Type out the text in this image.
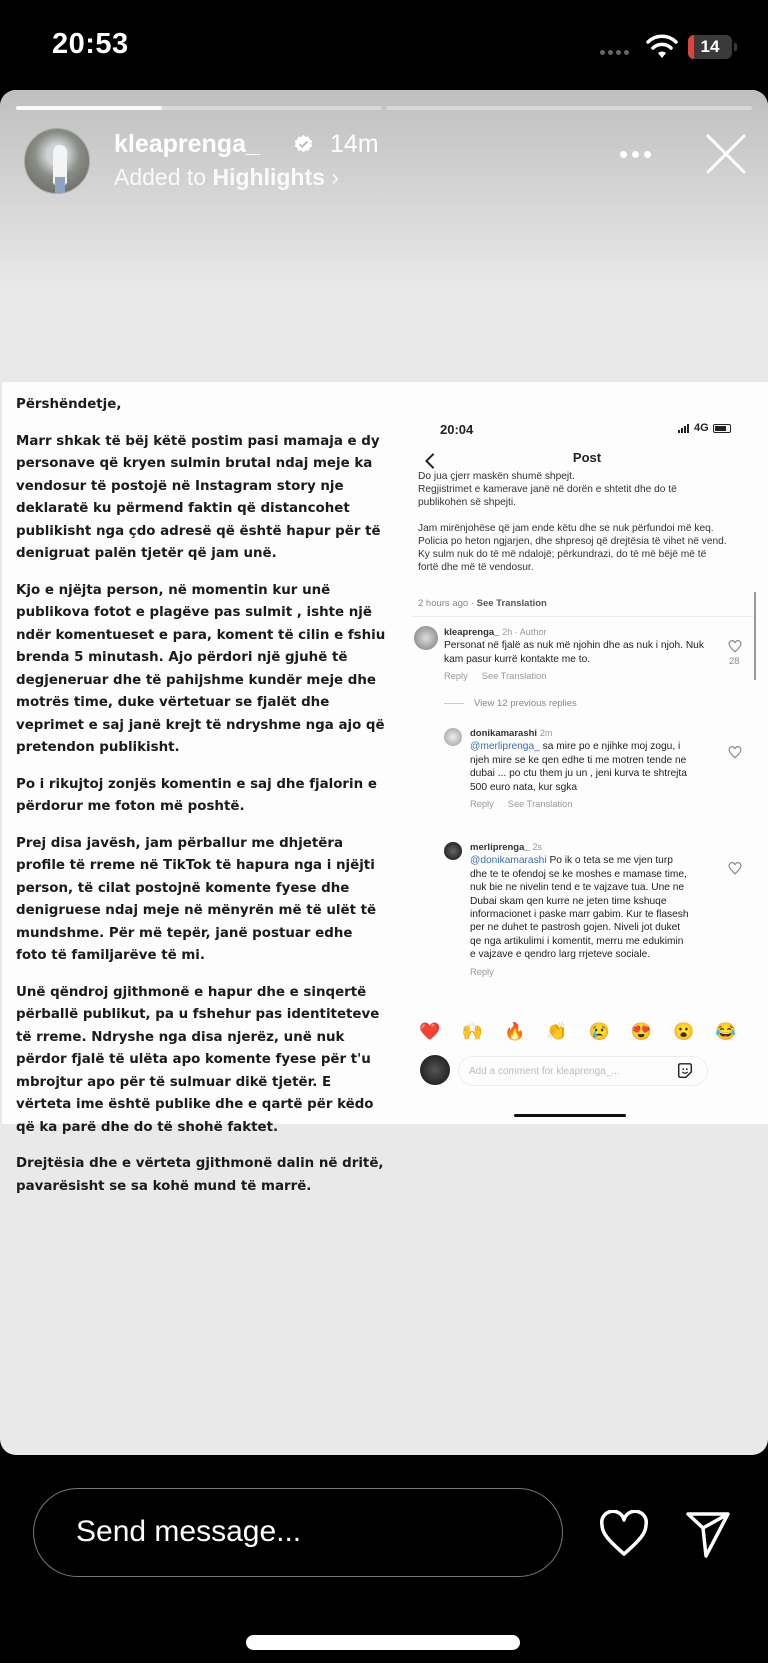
20:53	14
kleaprenga_	14m
Added to Highlights ›

Përshëndetje,

Marr shkak të bëj këtë postim pasi mamaja e dy personave që kryen sulmin brutal ndaj meje ka vendosur të postojë në Instagram story nje deklaratë ku përmend faktin që distancohet publikisht nga çdo adresë që është hapur për të denigruat palën tjetër që jam unë.

Kjo e njëjta person, në momentin kur unë publikova fotot e plagëve pas sulmit , ishte një ndër komentueset e para, koment të cilin e fshiu brenda 5 minutash. Ajo përdori një gjuhë të degjeneruar dhe të pahijshme kundër meje dhe motrës time, duke vërtetuar se fjalët dhe veprimet e saj janë krejt të ndryshme nga ajo që pretendon publikisht.

Po i rikujtoj zonjës komentin e saj dhe fjalorin e përdorur me foton më poshtë.

Prej disa javësh, jam përballur me dhjetëra profile të rreme në TikTok të hapura nga i njëjti person, të cilat postojnë komente fyese dhe denigruese ndaj meje në mënyrën më të ulët të mundshme. Për më tepër, janë postuar edhe foto të familjarëve të mi.

Unë qëndroj gjithmonë e hapur dhe e sinqertë përballë publikut, pa u fshehur pas identiteteve të rreme. Ndryshe nga disa njerëz, unë nuk përdor fjalë të ulëta apo komente fyese për t'u mbrojtur apo për të sulmuar dikë tjetër. E vërteta ime është publike dhe e qartë për këdo që ka parë dhe do të shohë faktet.

Drejtësia dhe e vërteta gjithmonë dalin në dritë, pavarësisht se sa kohë mund të marrë.

20:04	4G
Post
Do jua çjerr maskën shumë shpejt.
Regjistrimet e kamerave janë në dorën e shtetit dhe do të publikohen së shpejti.
Jam mirënjohëse që jam ende këtu dhe se nuk përfundoi më keq. Policia po heton ngjarjen, dhe shpresoj që drejtësia të vihet në vend.
Ky sulm nuk do të më ndalojë; përkundrazi, do të më bëjë më të fortë dhe më të vendosur.
2 hours ago · See Translation
kleaprenga_ 2h · Author
Personat në fjalë as nuk më njohin dhe as nuk i njoh. Nuk kam pasur kurrë kontakte me to.
Reply See Translation
28
View 12 previous replies
donikamarashi 2m
@merliprenga_ sa mire po e njihke moj zogu, i njeh mire se ke qen edhe ti me motren tende ne dubai ... po ctu them ju un , jeni kurva te shtrejta 500 euro nata, kur sgka
Reply See Translation
merliprenga_ 2s
@donikamarashi Po ik o teta se me vjen turp dhe te te ofendoj se ke moshes e mamase time, nuk bie ne nivelin tend e te vajzave tua. Une ne Dubai skam qen kurre ne jeten time kshuqe informacionet i paske marr gabim. Kur te flasesh per ne duhet te pastrosh gojen. Niveli jot duket qe nga artikulimi i komentit, merru me edukimin e vajzave e qendro larg rrjeteve sociale.
Reply
❤️ 🙌 🔥 👏 😢 😍 😮 😂
Add a comment for kleaprenga_...
Send message...
